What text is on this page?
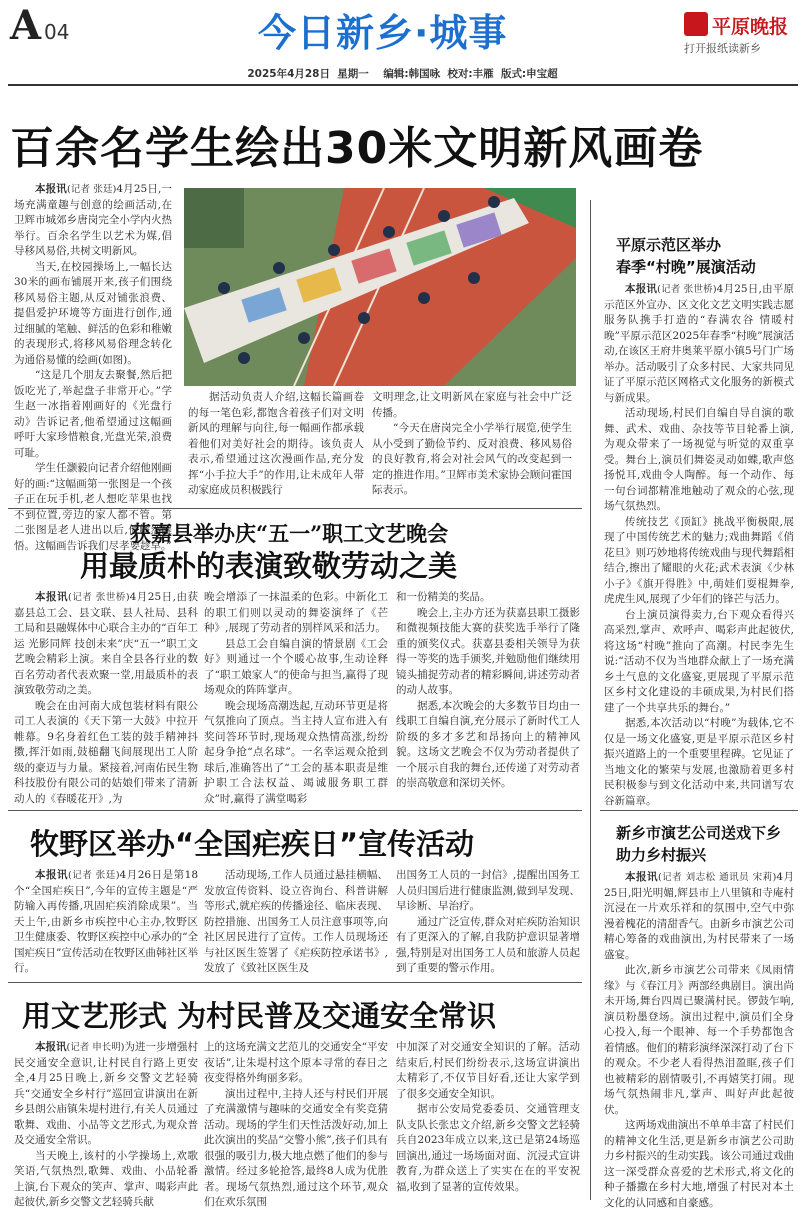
A 04	今日新乡·城事	平原晚报
打开报纸读新乡
2025年4月28日  星期一    编辑:韩国咏  校对:丰雁  版式:申宝超
百余名学生绘出30米文明新风画卷

本报讯(记者 张廷)4月25日,一场充满童趣与创意的绘画活动,在卫辉市城郊乡唐岗完全小学内火热举行。百余名学生以艺术为媒,倡导移风易俗,共树文明新风。

当天,在校园操场上,一幅长达30米的画布铺展开来,孩子们围绕移风易俗主题,从反对铺张浪费、提倡爱护环境等方面进行创作,通过细腻的笔触、鲜活的色彩和稚嫩的表现形式,将移风易俗理念转化为通俗易懂的绘画(如图)。

“这是几个朋友去聚餐,然后把饭吃光了,举起盘子非常开心。”学生赵一冰指着刚画好的《光盘行动》告诉记者,他希望通过这幅画呼吁大家珍惜粮食,光盘光荣,浪费可耻。

学生任灏毅向记者介绍他刚画好的画:“这幅画第一张图是一个孩子正在玩手机,老人想吃苹果也找不到位置,旁边的家人都不管。第二张图是老人进出以后,他幡然醒悟。这幅画告诉我们尽孝要趁早。”

据活动负责人介绍,这幅长篇画卷的每一笔色彩,都饱含着孩子们对文明新风的理解与向往,每一幅画作都承载着他们对美好社会的期待。该负责人表示,希望通过这次漫画作品,充分发挥“小手拉大手”的作用,让未成年人带动家庭成员积极践行

文明理念,让文明新风在家庭与社会中广泛传播。

“今天在唐岗完全小学举行展览,使学生从小受到了勤俭节约、反对浪费、移风易俗的良好教育,将会对社会风气的改变起到一定的推进作用。”卫辉市美术家协会顾问霍国际表示。

获嘉县举办庆“五一”职工文艺晚会
用最质朴的表演致敬劳动之美

本报讯(记者 张世桥)4月25日,由获嘉县总工会、县文联、县人社局、县科工局和县融媒体中心联合主办的“百年工运 光影同辉 技创未来”庆“五一”职工文艺晚会精彩上演。来自全县各行业的数百名劳动者代表欢聚一堂,用最质朴的表演致敬劳动之美。

晚会在由河南大成包装材料有限公司工人表演的《天下第一大鼓》中拉开帷幕。9名身着红色工装的鼓手精神抖擞,挥汗如雨,鼓槌翻飞间展现出工人阶级的豪迈与力量。紧接着,河南佑民生物科技股份有限公司的姑娘们带来了清新动人的《春暖花开》,为

晚会增添了一抹温柔的色彩。中新化工的职工们则以灵动的舞姿演绎了《芒种》,展现了劳动者的别样风采和活力。

县总工会自编自演的情景剧《工会好》则通过一个个暖心故事,生动诠释了“职工娘家人”的使命与担当,赢得了现场观众的阵阵掌声。

晚会现场高潮迭起,互动环节更是将气氛推向了顶点。当主持人宣布进入有奖问答环节时,现场观众热情高涨,纷纷起身争抢“点名球”。一名幸运观众抢到球后,准确答出了“工会的基本职责是维护职工合法权益、竭诚服务职工群众”时,赢得了满堂喝彩

和一份精美的奖品。

晚会上,主办方还为获嘉县职工摄影和微视频技能大赛的获奖选手举行了隆重的颁奖仪式。获嘉县委相关领导为获得一等奖的选手颁奖,并勉励他们继续用镜头捕捉劳动者的精彩瞬间,讲述劳动者的动人故事。

据悉,本次晚会的大多数节目均由一线职工自编自演,充分展示了新时代工人阶级的多才多艺和昂扬向上的精神风貌。这场文艺晚会不仅为劳动者提供了一个展示自我的舞台,还传递了对劳动者的崇高敬意和深切关怀。

牧野区举办“全国疟疾日”宣传活动

本报讯(记者 张廷)4月26日是第18个“全国疟疾日”,今年的宣传主题是“严防输入再传播,巩固疟疾消除成果”。当天上午,由新乡市疾控中心主办,牧野区卫生健康委、牧野区疾控中心承办的“全国疟疾日”宣传活动在牧野区曲韩社区举行。

活动现场,工作人员通过悬挂横幅、发放宣传资料、设立咨询台、科普讲解等形式,就疟疾的传播途径、临床表现、防控措施、出国务工人员注意事项等,向社区居民进行了宣传。工作人员现场还与社区医生签署了《疟疾防控承诺书》,发放了《致社区医生及

出国务工人员的一封信》,提醒出国务工人员归国后进行健康监测,做到早发现、早诊断、早治疗。

通过广泛宣传,群众对疟疾防治知识有了更深入的了解,自我防护意识显著增强,特别是对出国务工人员和旅游人员起到了重要的警示作用。

用文艺形式 为村民普及交通安全常识

本报讯(记者 申长明)为进一步增强村民交通安全意识,让村民自行路上更安全,4月25日晚上,新乡交警文艺轻骑兵“交通安全乡村行”巡回宣讲演出在新乡县朗公庙镇朱堤村进行,有关人员通过歌舞、戏曲、小品等文艺形式,为观众普及交通安全常识。

当天晚上,该村的小学操场上,欢歌笑语,气氛热烈,歌舞、戏曲、小品轮番上演,台下观众的笑声、掌声、喝彩声此起彼伏,新乡交警文艺轻骑兵献

上的这场充满文艺范儿的交通安全“平安夜话”,让朱堤村这个原本寻常的春日之夜变得格外绚丽多彩。

演出过程中,主持人还与村民们开展了充满激情与趣味的交通安全有奖竞猜活动。现场的学生们天性活泼好动,加上此次演出的奖品“交警小熊”,孩子们具有很强的吸引力,极大地点燃了他们的参与激情。经过多轮抢答,最终8人成为优胜者。现场气氛热烈,通过这个环节,观众们在欢乐氛围

中加深了对交通安全知识的了解。活动结束后,村民们纷纷表示,这场宣讲演出太精彩了,不仅节目好看,还让大家学到了很多交通安全知识。

据市公安局党委委员、交通管理支队支队长张忠文介绍,新乡交警文艺轻骑兵自2023年成立以来,这已是第24场巡回演出,通过一场场面对面、沉浸式宣讲教育,为群众送上了实实在在的平安祝福,收到了显著的宣传效果。

平原示范区举办
春季“村晚”展演活动

本报讯(记者 张世桥)4月25日,由平原示范区外宣办、区文化文艺文明实践志愿服务队携手打造的“春满农谷 情暖村晚”平原示范区2025年春季“村晚”展演活动,在该区王府井奥莱平原小镇5号门广场举办。活动吸引了众多村民、大家共同见证了平原示范区网格式文化服务的新模式与新成果。

活动现场,村民们自编自导自演的歌舞、武术、戏曲、杂技等节目轮番上演,为观众带来了一场视觉与听觉的双重享受。舞台上,演员们舞姿灵动如蝶,歌声悠扬悦耳,戏曲令人陶醉。每一个动作、每一句台词都精准地触动了观众的心弦,现场气氛热烈。

传统技艺《顶缸》挑战平衡极限,展现了中国传统艺术的魅力;戏曲舞蹈《俏花旦》则巧妙地将传统戏曲与现代舞蹈相结合,擦出了耀眼的火花;武术表演《少林小子》《旗开得胜》中,萌娃们耍棍舞拳,虎虎生风,展现了少年们的锋芒与活力。

台上演员演得卖力,台下观众看得兴高采烈,掌声、欢呼声、喝彩声此起彼伏,将这场“村晚”推向了高潮。村民李先生说:“活动不仅为当地群众献上了一场充满乡土气息的文化盛宴,更展现了平原示范区乡村文化建设的丰硕成果,为村民们搭建了一个共享共乐的舞台。”

据悉,本次活动以“村晚”为载体,它不仅是一场文化盛宴,更是平原示范区乡村振兴道路上的一个重要里程碑。它见证了当地文化的繁荣与发展,也激励着更多村民积极参与到文化活动中来,共同谱写农谷新篇章。

新乡市演艺公司送戏下乡
助力乡村振兴

本报讯(记者 刘志松 通讯员 宋莉)4月25日,阳光明媚,辉县市上八里镇和寺庵村沉浸在一片欢乐祥和的氛围中,空气中弥漫着槐花的清甜香气。由新乡市演艺公司精心筹备的戏曲演出,为村民带来了一场盛宴。

此次,新乡市演艺公司带来《凤雨情缘》与《春江月》两部经典剧目。演出尚未开场,舞台四周已聚满村民。锣鼓乍响,演员粉墨登场。演出过程中,演员们全身心投入,每一个眼神、每一个手势都饱含着情感。他们的精彩演绎深深打动了台下的观众。不少老人看得热泪盈眶,孩子们也被精彩的剧情吸引,不再嬉笑打闹。现场气氛热闹非凡,掌声、叫好声此起彼伏。

这两场戏曲演出不单单丰富了村民们的精神文化生活,更是新乡市演艺公司助力乡村振兴的生动实践。该公司通过戏曲这一深受群众喜爱的艺术形式,将文化的种子播撒在乡村大地,增强了村民对本土文化的认同感和自豪感。
